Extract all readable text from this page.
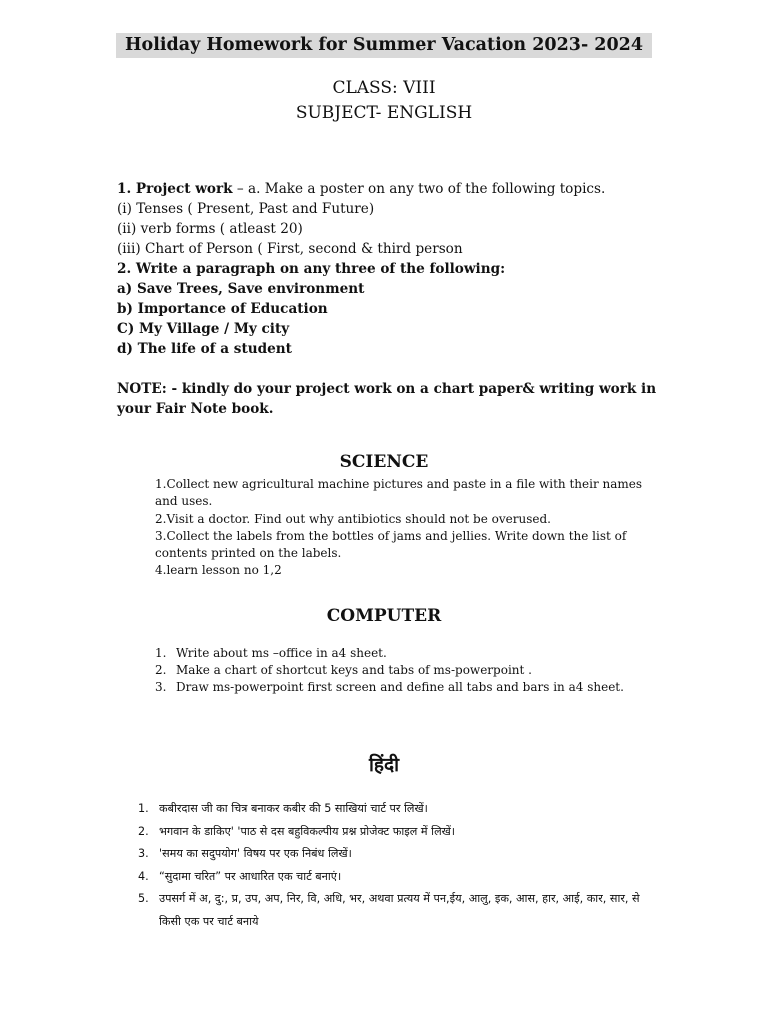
Holiday Homework for Summer Vacation 2023- 2024
CLASS: VIII
SUBJECT- ENGLISH
1. Project work – a. Make a poster on any two of the following topics.
(i) Tenses ( Present, Past and Future)
(ii) verb forms ( atleast 20)
(iii) Chart of Person ( First, second & third person
2. Write a paragraph on any three of the following:
a) Save Trees, Save environment
b) Importance of Education
C) My Village / My city
d) The life of a student
NOTE: - kindly do your project work on a chart paper& writing work in your Fair Note book.
SCIENCE
1.Collect new agricultural machine pictures and paste in a file with their names and uses.
2.Visit a doctor. Find out why antibiotics should not be overused.
3.Collect the labels from the bottles of jams and jellies. Write down the list of contents printed on the labels.
4.learn lesson no 1,2
COMPUTER
1. Write about ms –office in a4 sheet.
2. Make a chart of shortcut keys and tabs of ms-powerpoint .
3. Draw ms-powerpoint first screen and define all tabs and bars in a4 sheet.
हिंदी
1. कबीरदास जी का चित्र बनाकर कबीर की 5 साखियां चार्ट पर लिखें।
2. भगवान के डाकिए' 'पाठ से दस बहुविकल्पीय प्रश्न प्रोजेक्ट फाइल में लिखें।
3. 'समय का सदुपयोग' विषय पर एक निबंध लिखें।
4. “सुदामा चरित” पर आधारित एक चार्ट बनाएं।
5. उपसर्ग में अ, दु:, प्र, उप, अप, निर, वि, अधि, भर, अथवा प्रत्यय में पन,ईय, आलु, इक, आस, हार, आई, कार, सार, से किसी एक पर चार्ट बनाये
